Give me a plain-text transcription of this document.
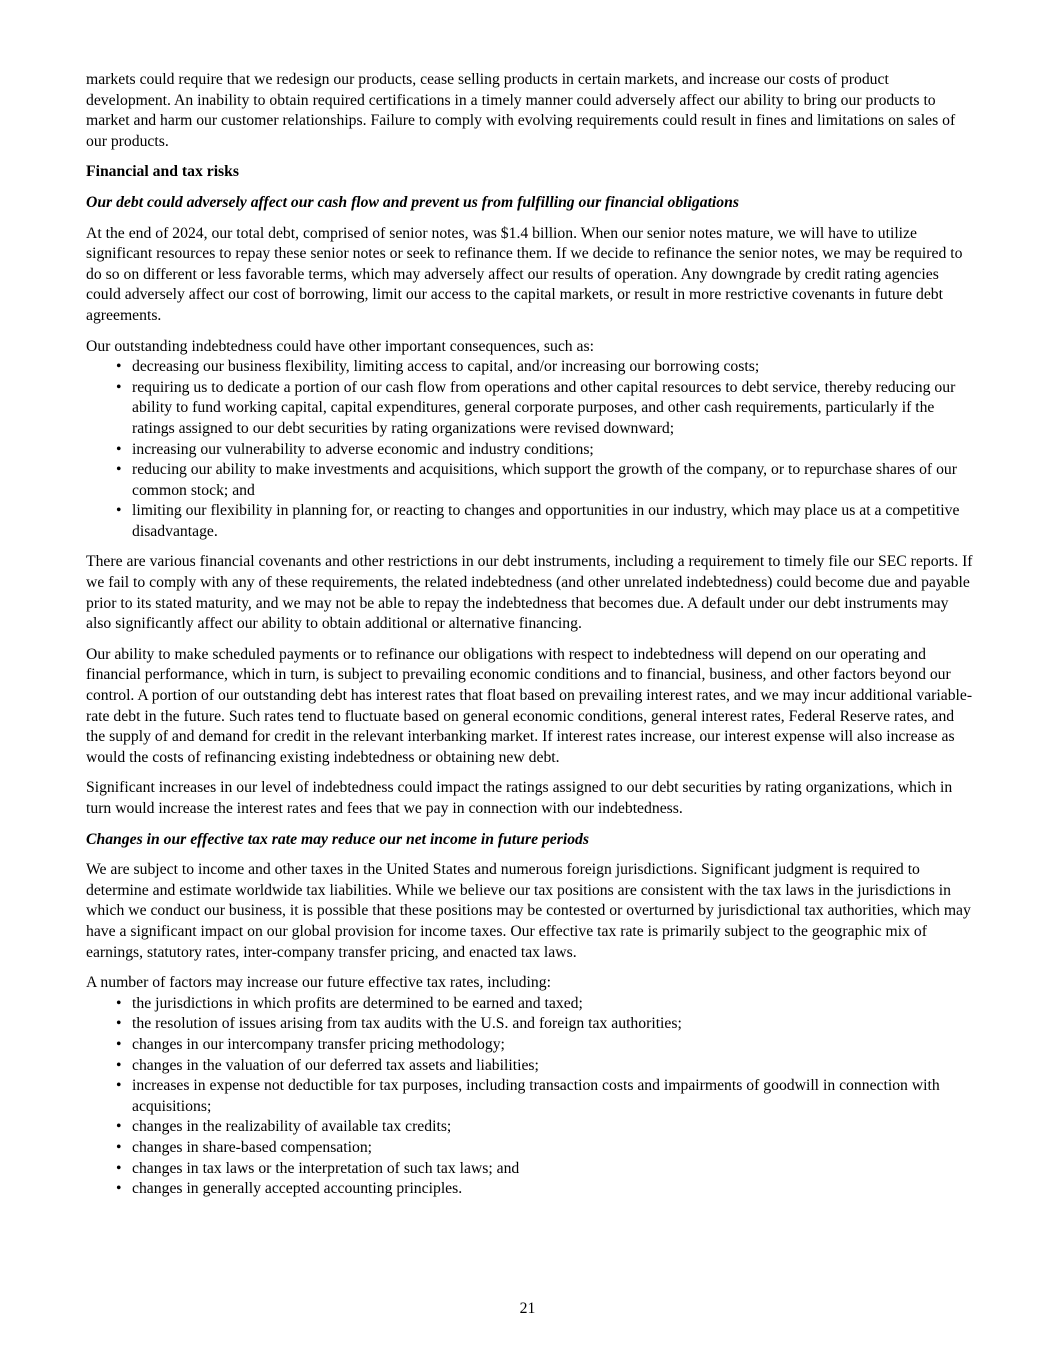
markets could require that we redesign our products, cease selling products in certain markets, and increase our costs of product development. An inability to obtain required certifications in a timely manner could adversely affect our ability to bring our products to market and harm our customer relationships. Failure to comply with evolving requirements could result in fines and limitations on sales of our products.

Financial and tax risks
Our debt could adversely affect our cash flow and prevent us from fulfilling our financial obligations

At the end of 2024, our total debt, comprised of senior notes, was $1.4 billion. When our senior notes mature, we will have to utilize significant resources to repay these senior notes or seek to refinance them. If we decide to refinance the senior notes, we may be required to do so on different or less favorable terms, which may adversely affect our results of operation. Any downgrade by credit rating agencies could adversely affect our cost of borrowing, limit our access to the capital markets, or result in more restrictive covenants in future debt agreements.

Our outstanding indebtedness could have other important consequences, such as:

• decreasing our business flexibility, limiting access to capital, and/or increasing our borrowing costs;
• requiring us to dedicate a portion of our cash flow from operations and other capital resources to debt service, thereby reducing our ability to fund working capital, capital expenditures, general corporate purposes, and other cash requirements, particularly if the ratings assigned to our debt securities by rating organizations were revised downward;
• increasing our vulnerability to adverse economic and industry conditions;
• reducing our ability to make investments and acquisitions, which support the growth of the company, or to repurchase shares of our common stock; and
• limiting our flexibility in planning for, or reacting to changes and opportunities in our industry, which may place us at a competitive disadvantage.

There are various financial covenants and other restrictions in our debt instruments, including a requirement to timely file our SEC reports. If we fail to comply with any of these requirements, the related indebtedness (and other unrelated indebtedness) could become due and payable prior to its stated maturity, and we may not be able to repay the indebtedness that becomes due. A default under our debt instruments may also significantly affect our ability to obtain additional or alternative financing.

Our ability to make scheduled payments or to refinance our obligations with respect to indebtedness will depend on our operating and financial performance, which in turn, is subject to prevailing economic conditions and to financial, business, and other factors beyond our control. A portion of our outstanding debt has interest rates that float based on prevailing interest rates, and we may incur additional variable-rate debt in the future. Such rates tend to fluctuate based on general economic conditions, general interest rates, Federal Reserve rates, and the supply of and demand for credit in the relevant interbanking market. If interest rates increase, our interest expense will also increase as would the costs of refinancing existing indebtedness or obtaining new debt.

Significant increases in our level of indebtedness could impact the ratings assigned to our debt securities by rating organizations, which in turn would increase the interest rates and fees that we pay in connection with our indebtedness.

Changes in our effective tax rate may reduce our net income in future periods

We are subject to income and other taxes in the United States and numerous foreign jurisdictions. Significant judgment is required to determine and estimate worldwide tax liabilities. While we believe our tax positions are consistent with the tax laws in the jurisdictions in which we conduct our business, it is possible that these positions may be contested or overturned by jurisdictional tax authorities, which may have a significant impact on our global provision for income taxes. Our effective tax rate is primarily subject to the geographic mix of earnings, statutory rates, inter-company transfer pricing, and enacted tax laws.

A number of factors may increase our future effective tax rates, including:

• the jurisdictions in which profits are determined to be earned and taxed;
• the resolution of issues arising from tax audits with the U.S. and foreign tax authorities;
• changes in our intercompany transfer pricing methodology;
• changes in the valuation of our deferred tax assets and liabilities;
• increases in expense not deductible for tax purposes, including transaction costs and impairments of goodwill in connection with acquisitions;
• changes in the realizability of available tax credits;
• changes in share-based compensation;
• changes in tax laws or the interpretation of such tax laws; and
• changes in generally accepted accounting principles.
21
